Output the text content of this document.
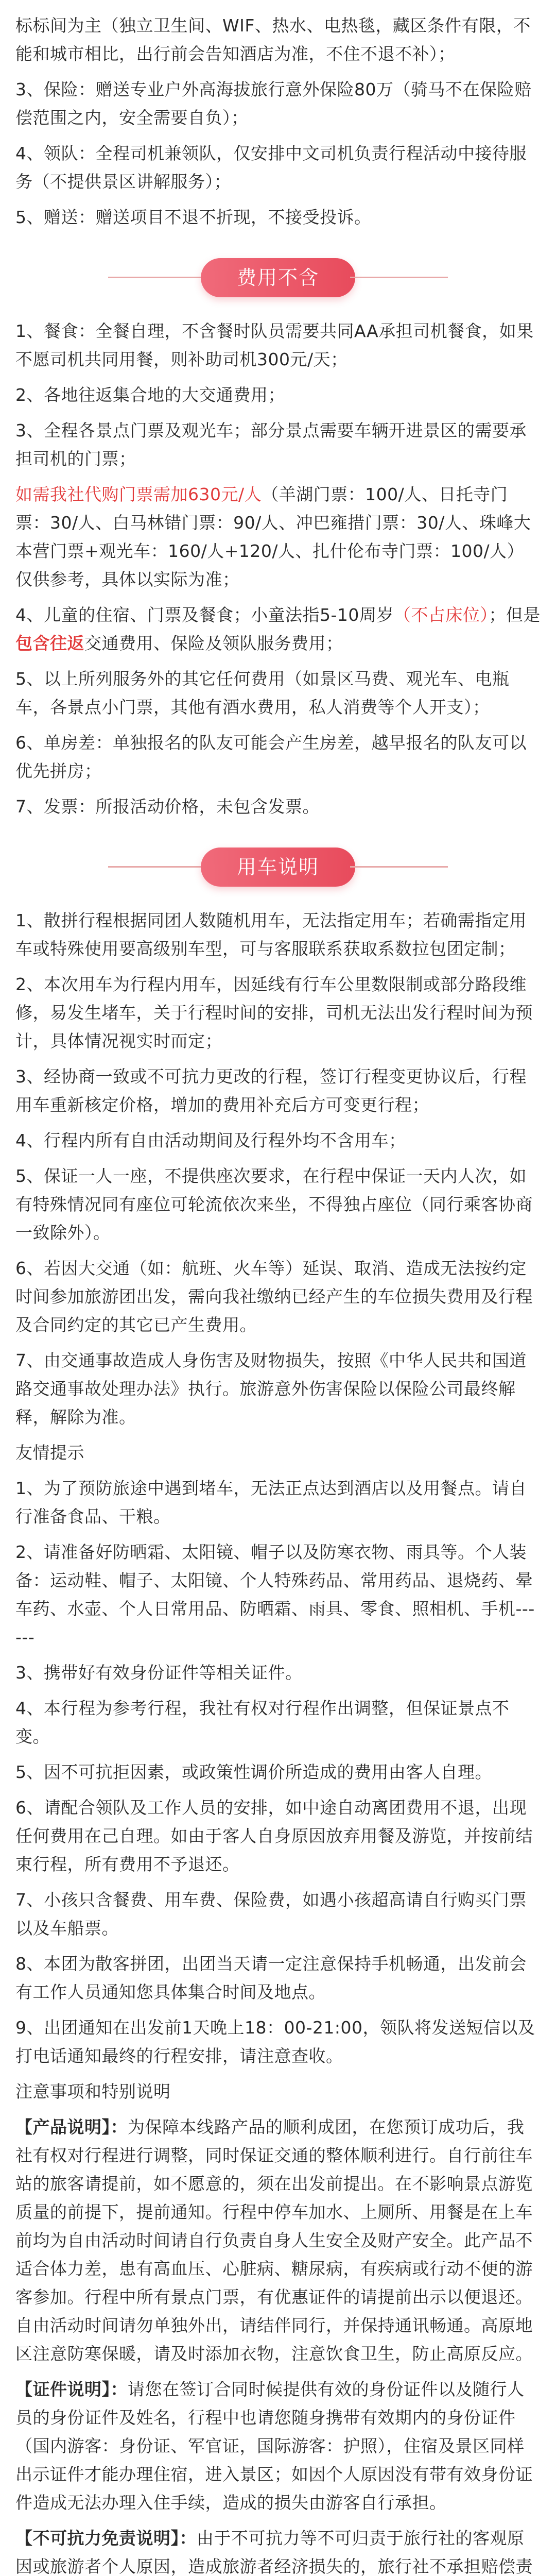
标标间为主（独立卫生间、WIF、热水、电热毯，藏区条件有限，不能和城市相比，出行前会告知酒店为准，不住不退不补）；

3、保险：赠送专业户外高海拔旅行意外保险80万（骑马不在保险赔偿范围之内，安全需要自负）；

4、领队：全程司机兼领队，仅安排中文司机负责行程活动中接待服务（不提供景区讲解服务）；

5、赠送：赠送项目不退不折现，不接受投诉。

费用不含

1、餐食：全餐自理，不含餐时队员需要共同AA承担司机餐食，如果不愿司机共同用餐，则补助司机300元/天；

2、各地往返集合地的大交通费用；

3、全程各景点门票及观光车；部分景点需要车辆开进景区的需要承担司机的门票；

如需我社代购门票需加630元/人（羊湖门票：100/人、日托寺门票：30/人、白马林错门票：90/人、冲巴雍措门票：30/人、珠峰大本营门票+观光车：160/人+120/人、扎什伦布寺门票：100/人）仅供参考，具体以实际为准；

4、儿童的住宿、门票及餐食；小童法指5-10周岁（不占床位）；但是包含往返交通费用、保险及领队服务费用；

5、以上所列服务外的其它任何费用（如景区马费、观光车、电瓶车，各景点小门票，其他有酒水费用，私人消费等个人开支）；

6、单房差：单独报名的队友可能会产生房差，越早报名的队友可以优先拼房；

7、发票：所报活动价格，未包含发票。

用车说明

1、散拼行程根据同团人数随机用车，无法指定用车；若确需指定用车或特殊使用要高级别车型，可与客服联系获取系数拉包团定制；

2、本次用车为行程内用车，因延线有行车公里数限制或部分路段维修，易发生堵车，关于行程时间的安排，司机无法出发行程时间为预计，具体情况视实时而定；

3、经协商一致或不可抗力更改的行程，签订行程变更协议后，行程用车重新核定价格，增加的费用补充后方可变更行程；

4、行程内所有自由活动期间及行程外均不含用车；

5、保证一人一座，不提供座次要求，在行程中保证一天内人次，如有特殊情况同有座位可轮流依次来坐，不得独占座位（同行乘客协商一致除外）。

6、若因大交通（如：航班、火车等）延误、取消、造成无法按约定时间参加旅游团出发，需向我社缴纳已经产生的车位损失费用及行程及合同约定的其它已产生费用。

7、由交通事故造成人身伤害及财物损失，按照《中华人民共和国道路交通事故处理办法》执行。旅游意外伤害保险以保险公司最终解释，解除为准。

友情提示

1、为了预防旅途中遇到堵车，无法正点达到酒店以及用餐点。请自行准备食品、干粮。

2、请准备好防晒霜、太阳镜、帽子以及防寒衣物、雨具等。个人装备：运动鞋、帽子、太阳镜、个人特殊药品、常用药品、退烧药、晕车药、水壶、个人日常用品、防晒霜、雨具、零食、照相机、手机------

3、携带好有效身份证件等相关证件。

4、本行程为参考行程，我社有权对行程作出调整，但保证景点不变。

5、因不可抗拒因素，或政策性调价所造成的费用由客人自理。

6、请配合领队及工作人员的安排，如中途自动离团费用不退，出现任何费用在己自理。如由于客人自身原因放弃用餐及游览，并按前结束行程，所有费用不予退还。

7、小孩只含餐费、用车费、保险费，如遇小孩超高请自行购买门票以及车船票。

8、本团为散客拼团，出团当天请一定注意保持手机畅通，出发前会有工作人员通知您具体集合时间及地点。

9、出团通知在出发前1天晚上18：00-21:00，领队将发送短信以及打电话通知最终的行程安排，请注意查收。

注意事项和特别说明

【产品说明】：为保障本线路产品的顺利成团，在您预订成功后，我社有权对行程进行调整，同时保证交通的整体顺利进行。自行前往车站的旅客请提前，如不愿意的，须在出发前提出。在不影响景点游览质量的前提下，提前通知。行程中停车加水、上厕所、用餐是在上车前均为自由活动时间请自行负责自身人生安全及财产安全。此产品不适合体力差，患有高血压、心脏病、糖尿病，有疾病或行动不便的游客参加。行程中所有景点门票，有优惠证件的请提前出示以便退还。自由活动时间请勿单独外出，请结伴同行，并保持通讯畅通。高原地区注意防寒保暖，请及时添加衣物，注意饮食卫生，防止高原反应。

【证件说明】：请您在签订合同时候提供有效的身份证件以及随行人员的身份证件及姓名，行程中也请您随身携带有效期内的身份证件（国内游客：身份证、军官证，国际游客：护照），住宿及景区同样出示证件才能办理住宿，进入景区；如因个人原因没有带有效身份证件造成无法办理入住手续，造成的损失由游客自行承担。

【不可抗力免责说明】：由于不可抗力等不可归责于旅行社的客观原因或旅游者个人原因，造成旅游者经济损失的，旅行社不承担赔偿责
